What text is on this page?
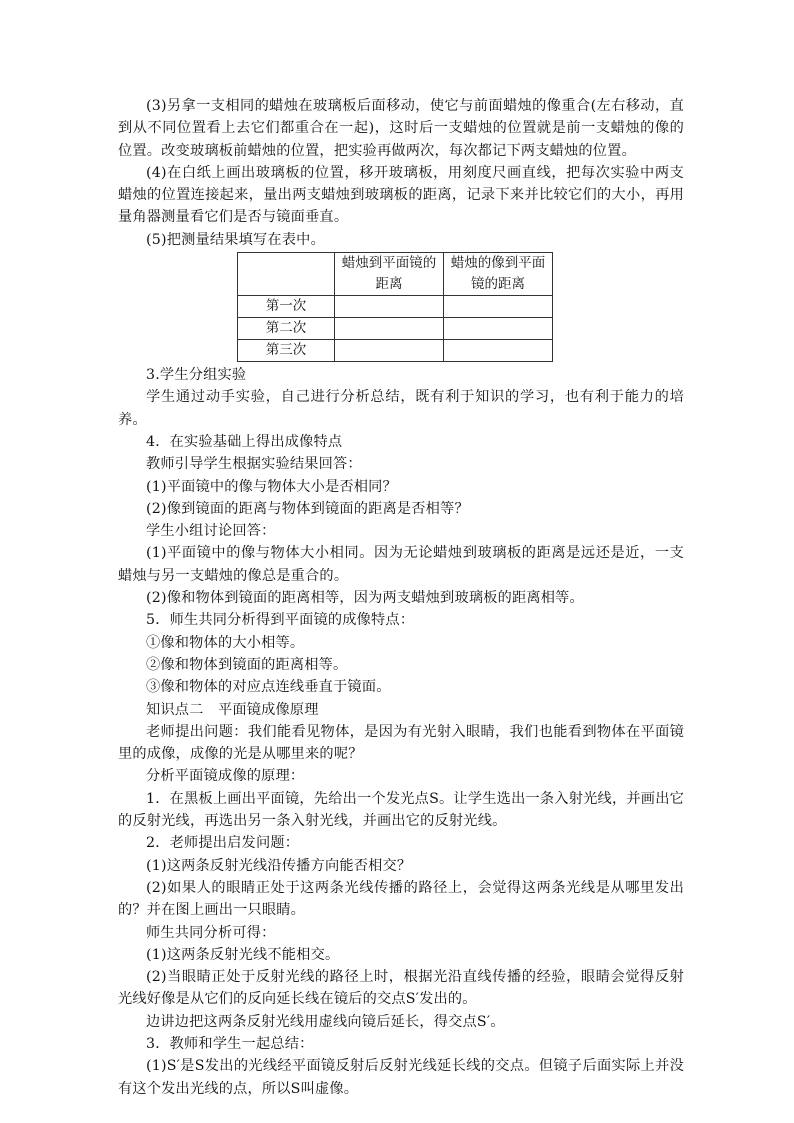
(3)另拿一支相同的蜡烛在玻璃板后面移动，使它与前面蜡烛的像重合(左右移动，直到从不同位置看上去它们都重合在一起)，这时后一支蜡烛的位置就是前一支蜡烛的像的位置。改变玻璃板前蜡烛的位置，把实验再做两次，每次都记下两支蜡烛的位置。

(4)在白纸上画出玻璃板的位置，移开玻璃板，用刻度尺画直线，把每次实验中两支蜡烛的位置连接起来，量出两支蜡烛到玻璃板的距离，记录下来并比较它们的大小，再用量角器测量看它们是否与镜面垂直。

(5)把测量结果填写在表中。

	蜡烛到平面镜的距离	蜡烛的像到平面镜的距离
第一次		
第二次		
第三次		

3.学生分组实验

学生通过动手实验，自己进行分析总结，既有利于知识的学习，也有利于能力的培养。

4．在实验基础上得出成像特点

教师引导学生根据实验结果回答：

(1)平面镜中的像与物体大小是否相同？

(2)像到镜面的距离与物体到镜面的距离是否相等？

学生小组讨论回答：

(1)平面镜中的像与物体大小相同。因为无论蜡烛到玻璃板的距离是远还是近，一支蜡烛与另一支蜡烛的像总是重合的。

(2)像和物体到镜面的距离相等，因为两支蜡烛到玻璃板的距离相等。

5．师生共同分析得到平面镜的成像特点：

①像和物体的大小相等。

②像和物体到镜面的距离相等。

③像和物体的对应点连线垂直于镜面。

知识点二　平面镜成像原理

老师提出问题：我们能看见物体，是因为有光射入眼睛，我们也能看到物体在平面镜里的成像，成像的光是从哪里来的呢？

分析平面镜成像的原理：

1．在黑板上画出平面镜，先给出一个发光点S。让学生选出一条入射光线，并画出它的反射光线，再选出另一条入射光线，并画出它的反射光线。

2．老师提出启发问题：

(1)这两条反射光线沿传播方向能否相交？

(2)如果人的眼睛正处于这两条光线传播的路径上，会觉得这两条光线是从哪里发出的？并在图上画出一只眼睛。

师生共同分析可得：

(1)这两条反射光线不能相交。

(2)当眼睛正处于反射光线的路径上时，根据光沿直线传播的经验，眼睛会觉得反射光线好像是从它们的反向延长线在镜后的交点S′发出的。

边讲边把这两条反射光线用虚线向镜后延长，得交点S′。

3．教师和学生一起总结：

(1)S′是S发出的光线经平面镜反射后反射光线延长线的交点。但镜子后面实际上并没有这个发出光线的点，所以S叫虚像。
